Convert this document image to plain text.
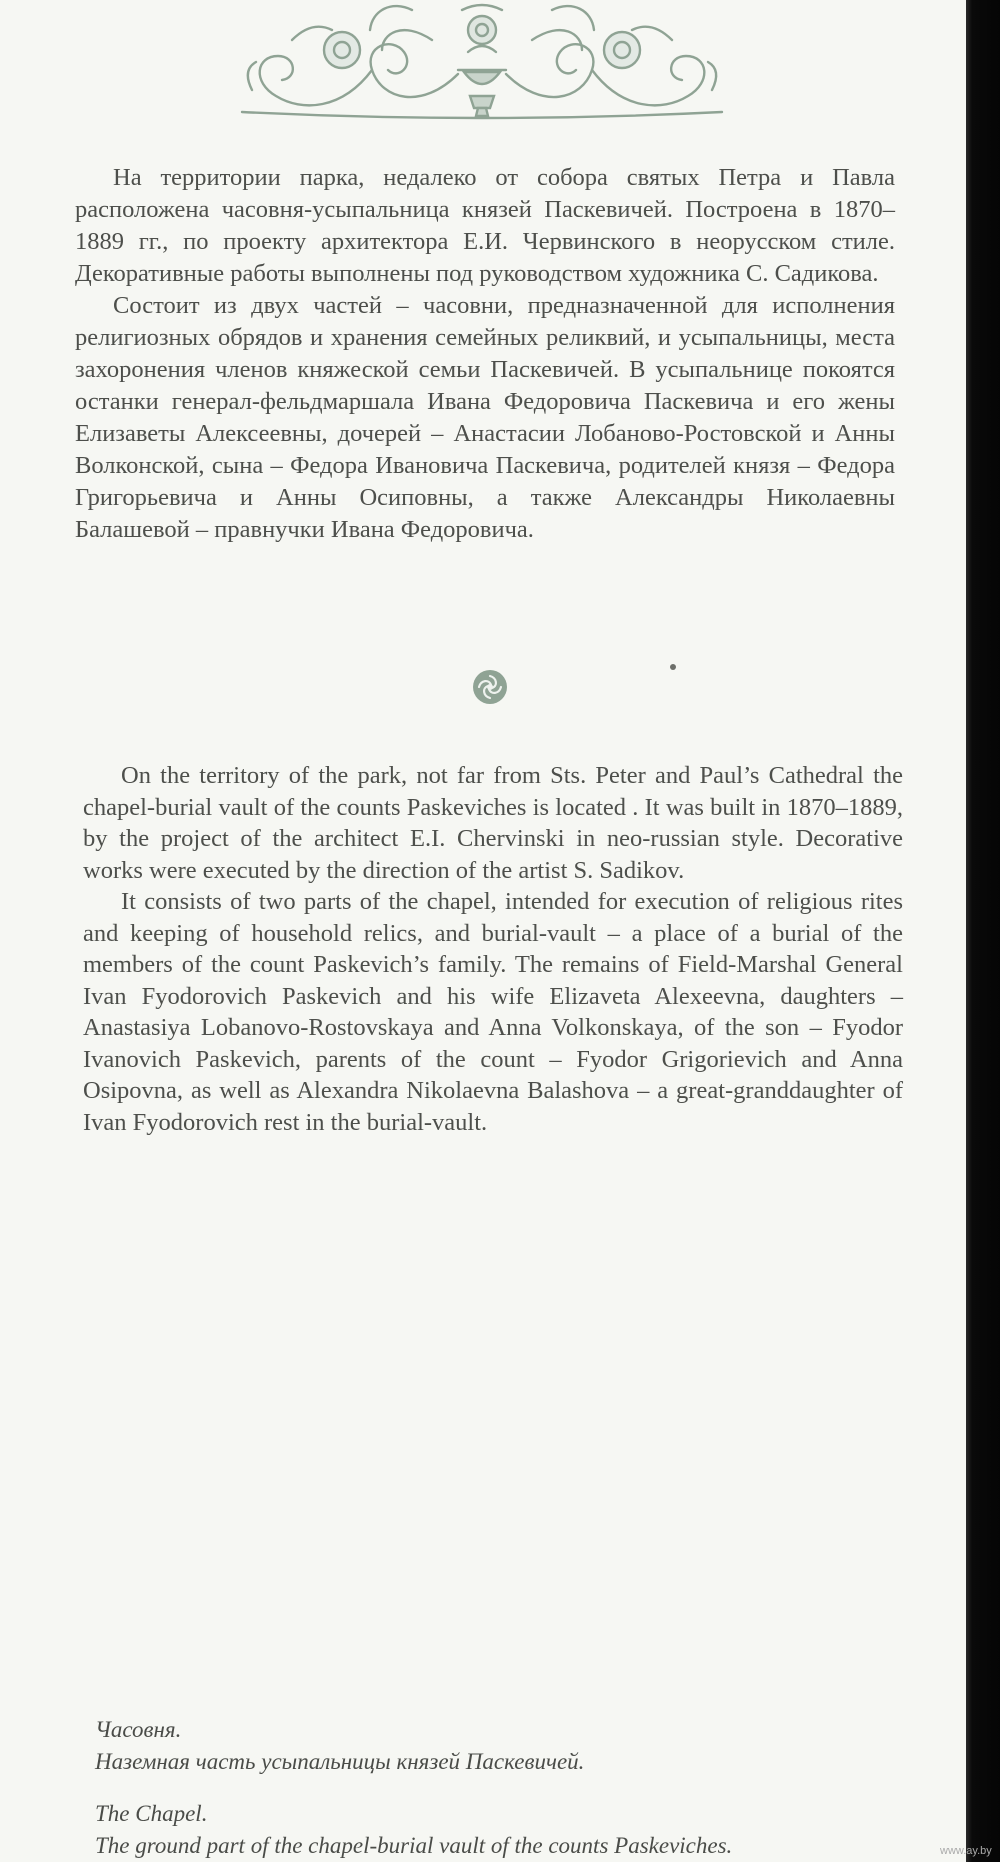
На территории парка, недалеко от собора святых Петра и Павла расположена часовня-усыпальница князей Паскевичей. Построена в 1870–1889 гг., по проекту архитектора Е.И. Червинского в неорусском стиле. Декоративные работы выполнены под руководством художника С. Садикова.

Состоит из двух частей – часовни, предназначенной для исполнения религиозных обрядов и хранения семейных реликвий, и усыпальницы, места захоронения членов княжеской семьи Паскевичей. В усыпальнице покоятся останки генерал-фельдмаршала Ивана Федоровича Паскевича и его жены Елизаветы Алексеевны, дочерей – Анастасии Лобаново-Ростовской и Анны Волконской, сына – Федора Ивановича Паскевича, родителей князя – Федора Григорьевича и Анны Осиповны, а также Александры Николаевны Балашевой – правнучки Ивана Федоровича.

On the territory of the park, not far from Sts. Peter and Paul’s Cathedral the chapel-burial vault of the counts Paskeviches is located . It was built in 1870–1889, by the project of the architect E.I. Chervinski in neo-russian style. Decorative works were executed by the direction of the artist S. Sadikov.

It consists of two parts of the chapel, intended for execution of religious rites and keeping of household relics, and burial-vault – a place of a burial of the members of the count Paskevich’s family. The remains of Field-Marshal General Ivan Fyodorovich Paskevich and his wife Elizaveta Alexeevna, daughters – Anastasiya Lobanovo-Rostovskaya and Anna Volkonskaya, of the son – Fyodor Ivanovich Paskevich, parents of the count – Fyodor Grigorievich and Anna Osipovna, as well as Alexandra Nikolaevna Balashova – a great-granddaughter of Ivan Fyodorovich rest in the burial-vault.

Часовня.
Наземная часть усыпальницы князей Паскевичей.
The Chapel.
The ground part of the chapel-burial vault of the counts Paskeviches.	www.ay.by
